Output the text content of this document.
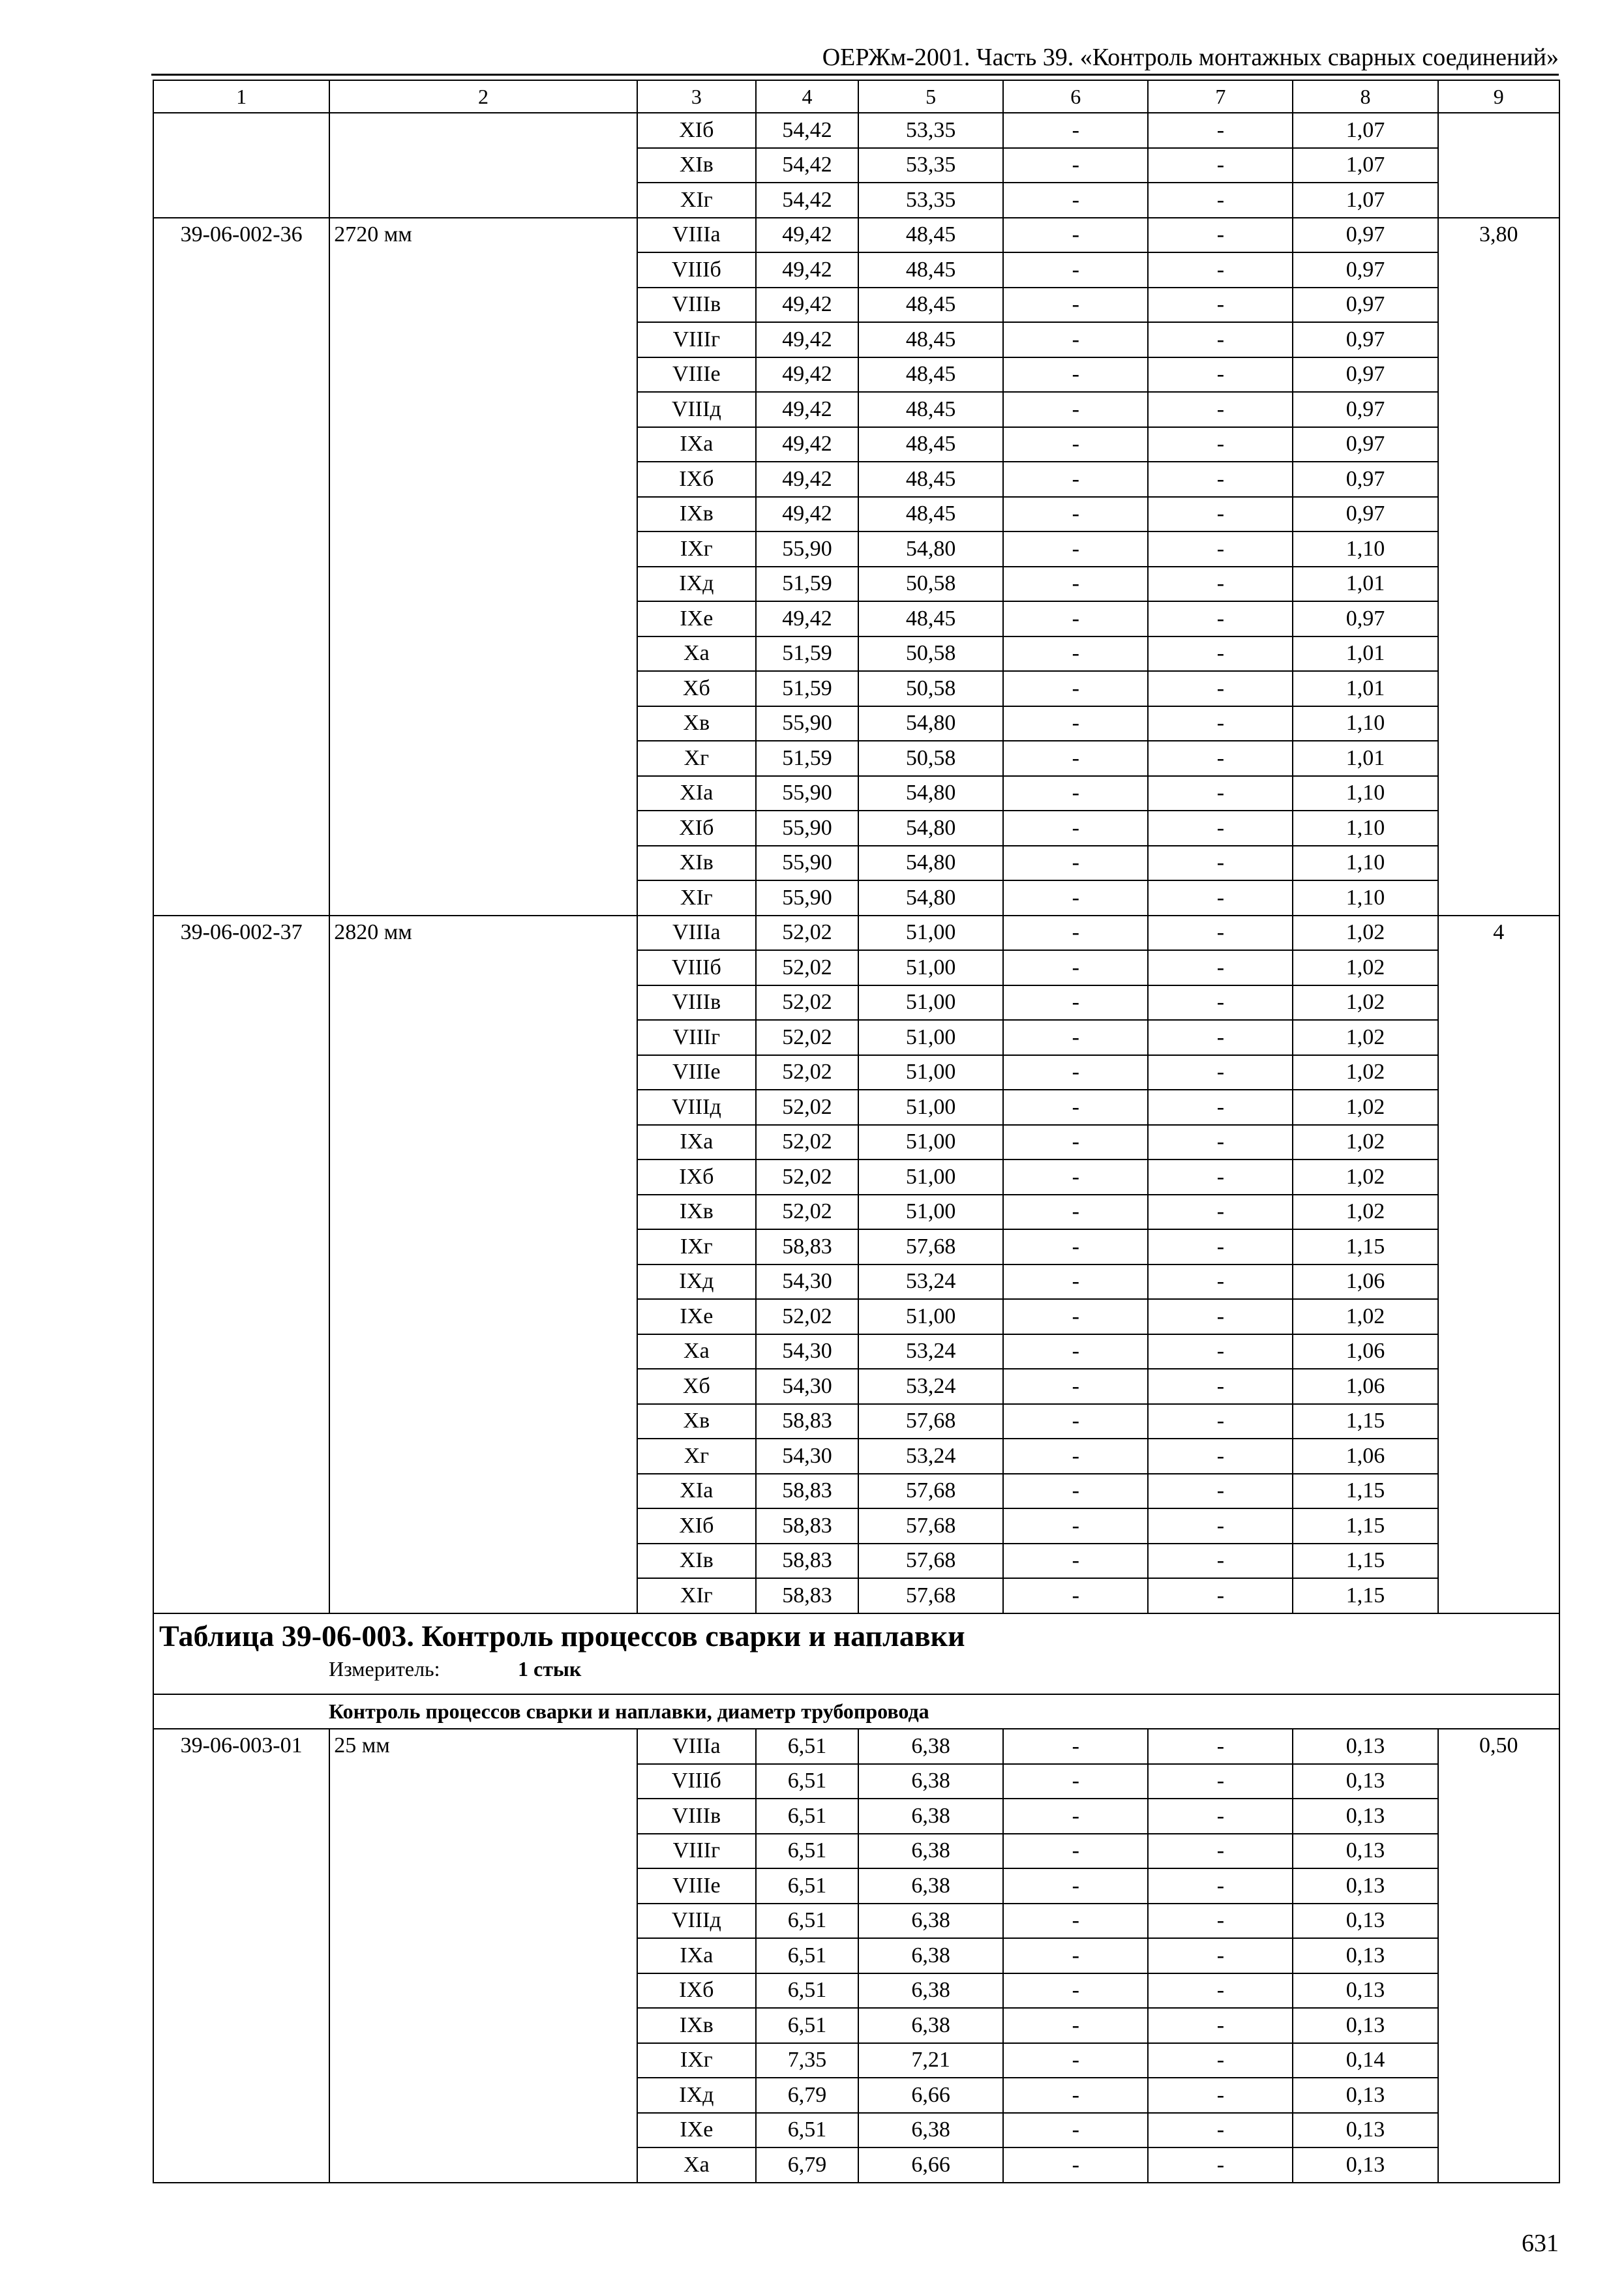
ОЕРЖм-2001. Часть 39. «Контроль монтажных сварных соединений»
1	2	3	4	5	6	7	8	9
		XIб	54,42	53,35	-	-	1,07	
		XIв	54,42	53,35	-	-	1,07	
		XIг	54,42	53,35	-	-	1,07	
39-06-002-36	2720 мм	VIIIа	49,42	48,45	-	-	0,97	3,80
		VIIIб	49,42	48,45	-	-	0,97	
		VIIIв	49,42	48,45	-	-	0,97	
		VIIIг	49,42	48,45	-	-	0,97	
		VIIIе	49,42	48,45	-	-	0,97	
		VIIIд	49,42	48,45	-	-	0,97	
		IXа	49,42	48,45	-	-	0,97	
		IXб	49,42	48,45	-	-	0,97	
		IXв	49,42	48,45	-	-	0,97	
		IXг	55,90	54,80	-	-	1,10	
		IXд	51,59	50,58	-	-	1,01	
		IXе	49,42	48,45	-	-	0,97	
		Xа	51,59	50,58	-	-	1,01	
		Xб	51,59	50,58	-	-	1,01	
		Xв	55,90	54,80	-	-	1,10	
		Xг	51,59	50,58	-	-	1,01	
		XIа	55,90	54,80	-	-	1,10	
		XIб	55,90	54,80	-	-	1,10	
		XIв	55,90	54,80	-	-	1,10	
		XIг	55,90	54,80	-	-	1,10	
39-06-002-37	2820 мм	VIIIа	52,02	51,00	-	-	1,02	4
		VIIIб	52,02	51,00	-	-	1,02	
		VIIIв	52,02	51,00	-	-	1,02	
		VIIIг	52,02	51,00	-	-	1,02	
		VIIIе	52,02	51,00	-	-	1,02	
		VIIIд	52,02	51,00	-	-	1,02	
		IXа	52,02	51,00	-	-	1,02	
		IXб	52,02	51,00	-	-	1,02	
		IXв	52,02	51,00	-	-	1,02	
		IXг	58,83	57,68	-	-	1,15	
		IXд	54,30	53,24	-	-	1,06	
		IXе	52,02	51,00	-	-	1,02	
		Xа	54,30	53,24	-	-	1,06	
		Xб	54,30	53,24	-	-	1,06	
		Xв	58,83	57,68	-	-	1,15	
		Xг	54,30	53,24	-	-	1,06	
		XIа	58,83	57,68	-	-	1,15	
		XIб	58,83	57,68	-	-	1,15	
		XIв	58,83	57,68	-	-	1,15	
		XIг	58,83	57,68	-	-	1,15	

Таблица 39-06-003. Контроль процессов сварки и наплавки
Измеритель: 1 стык								

Контроль процессов сварки и наплавки, диаметр трубопровода								
39-06-003-01	25 мм	VIIIа	6,51	6,38	-	-	0,13	0,50
		VIIIб	6,51	6,38	-	-	0,13	
		VIIIв	6,51	6,38	-	-	0,13	
		VIIIг	6,51	6,38	-	-	0,13	
		VIIIе	6,51	6,38	-	-	0,13	
		VIIIд	6,51	6,38	-	-	0,13	
		IXа	6,51	6,38	-	-	0,13	
		IXб	6,51	6,38	-	-	0,13	
		IXв	6,51	6,38	-	-	0,13	
		IXг	7,35	7,21	-	-	0,14	
		IXд	6,79	6,66	-	-	0,13	
		IXе	6,51	6,38	-	-	0,13	
		Xа	6,79	6,66	-	-	0,13	
631
